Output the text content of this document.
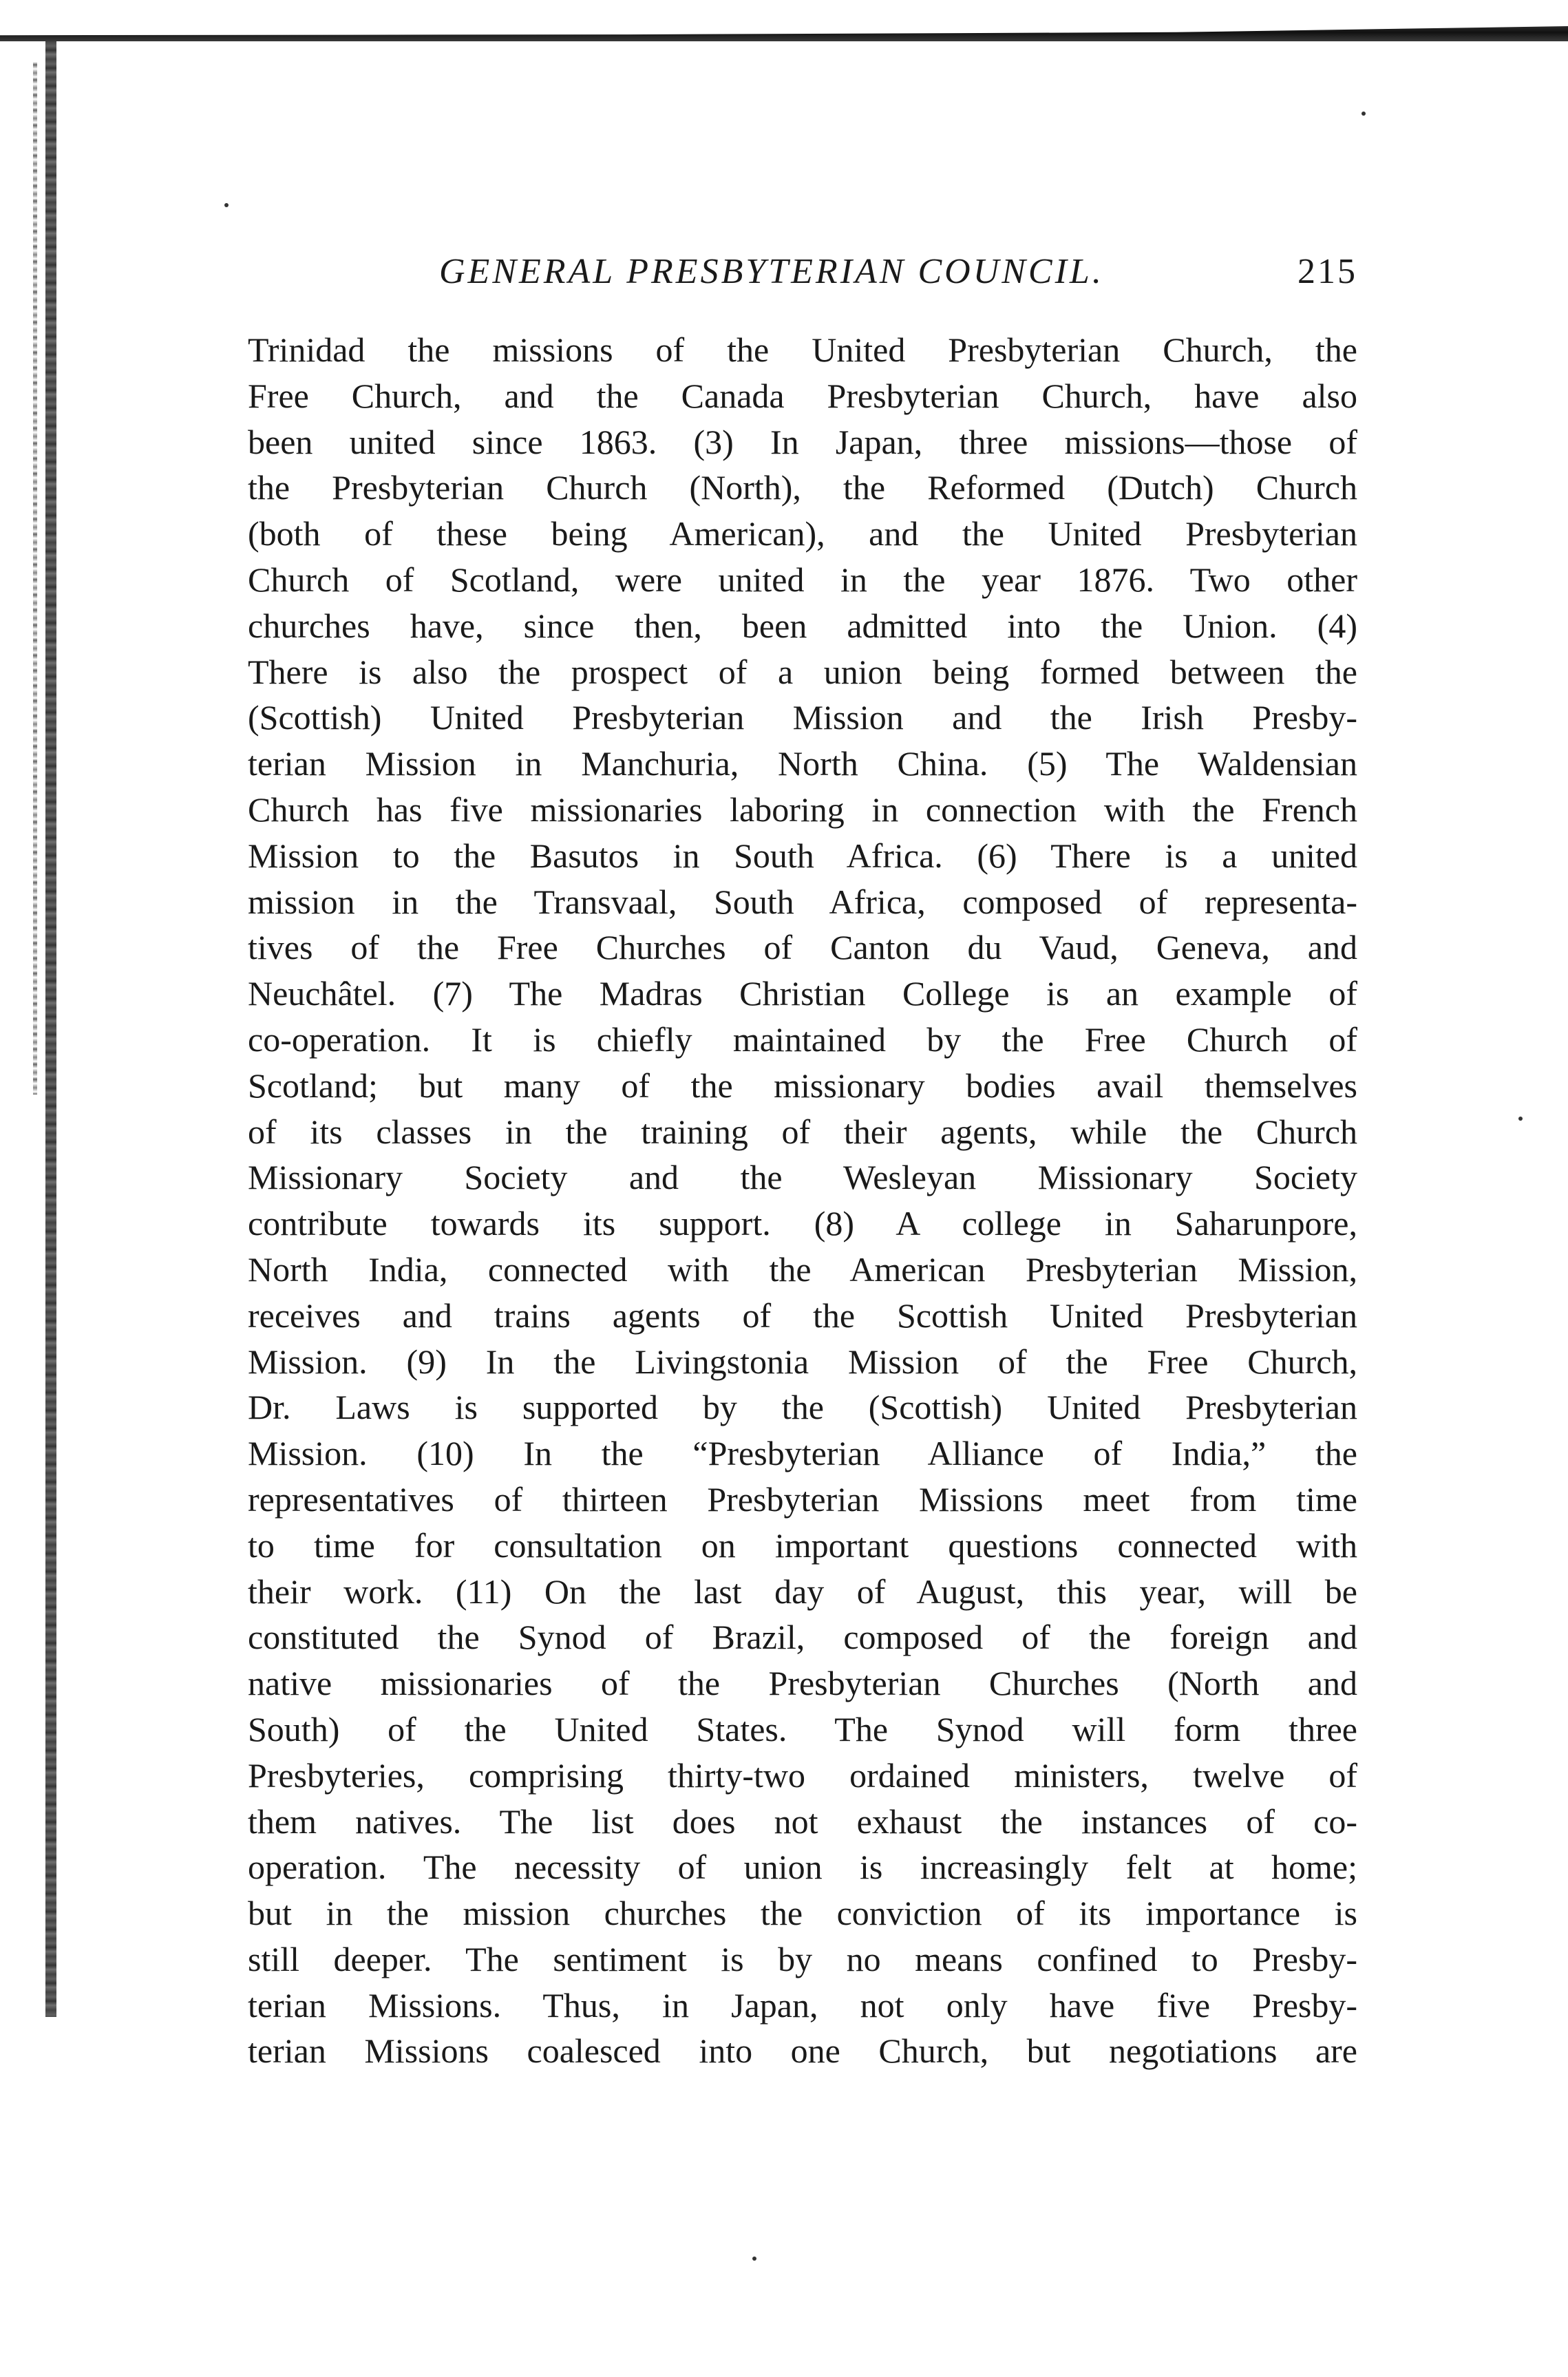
GENERAL PRESBYTERIAN COUNCIL.	215
Trinidad the missions of the United Presbyterian Church, the
Free Church, and the Canada Presbyterian Church, have also
been united since 1863. (3) In Japan, three missions—those of
the Presbyterian Church (North), the Reformed (Dutch) Church
(both of these being American), and the United Presbyterian
Church of Scotland, were united in the year 1876. Two other
churches have, since then, been admitted into the Union. (4)
There is also the prospect of a union being formed between the
(Scottish) United Presbyterian Mission and the Irish Presby-
terian Mission in Manchuria, North China. (5) The Waldensian
Church has five missionaries laboring in connection with the French
Mission to the Basutos in South Africa. (6) There is a united
mission in the Transvaal, South Africa, composed of representa-
tives of the Free Churches of Canton du Vaud, Geneva, and
Neuchâtel. (7) The Madras Christian College is an example of
co-operation. It is chiefly maintained by the Free Church of
Scotland; but many of the missionary bodies avail themselves
of its classes in the training of their agents, while the Church
Missionary Society and the Wesleyan Missionary Society
contribute towards its support. (8) A college in Saharunpore,
North India, connected with the American Presbyterian Mission,
receives and trains agents of the Scottish United Presbyterian
Mission. (9) In the Livingstonia Mission of the Free Church,
Dr. Laws is supported by the (Scottish) United Presbyterian
Mission. (10) In the “Presbyterian Alliance of India,” the
representatives of thirteen Presbyterian Missions meet from time
to time for consultation on important questions connected with
their work. (11) On the last day of August, this year, will be
constituted the Synod of Brazil, composed of the foreign and
native missionaries of the Presbyterian Churches (North and
South) of the United States. The Synod will form three
Presbyteries, comprising thirty-two ordained ministers, twelve of
them natives. The list does not exhaust the instances of co-
operation. The necessity of union is increasingly felt at home;
but in the mission churches the conviction of its importance is
still deeper. The sentiment is by no means confined to Presby-
terian Missions. Thus, in Japan, not only have five Presby-
terian Missions coalesced into one Church, but negotiations are
